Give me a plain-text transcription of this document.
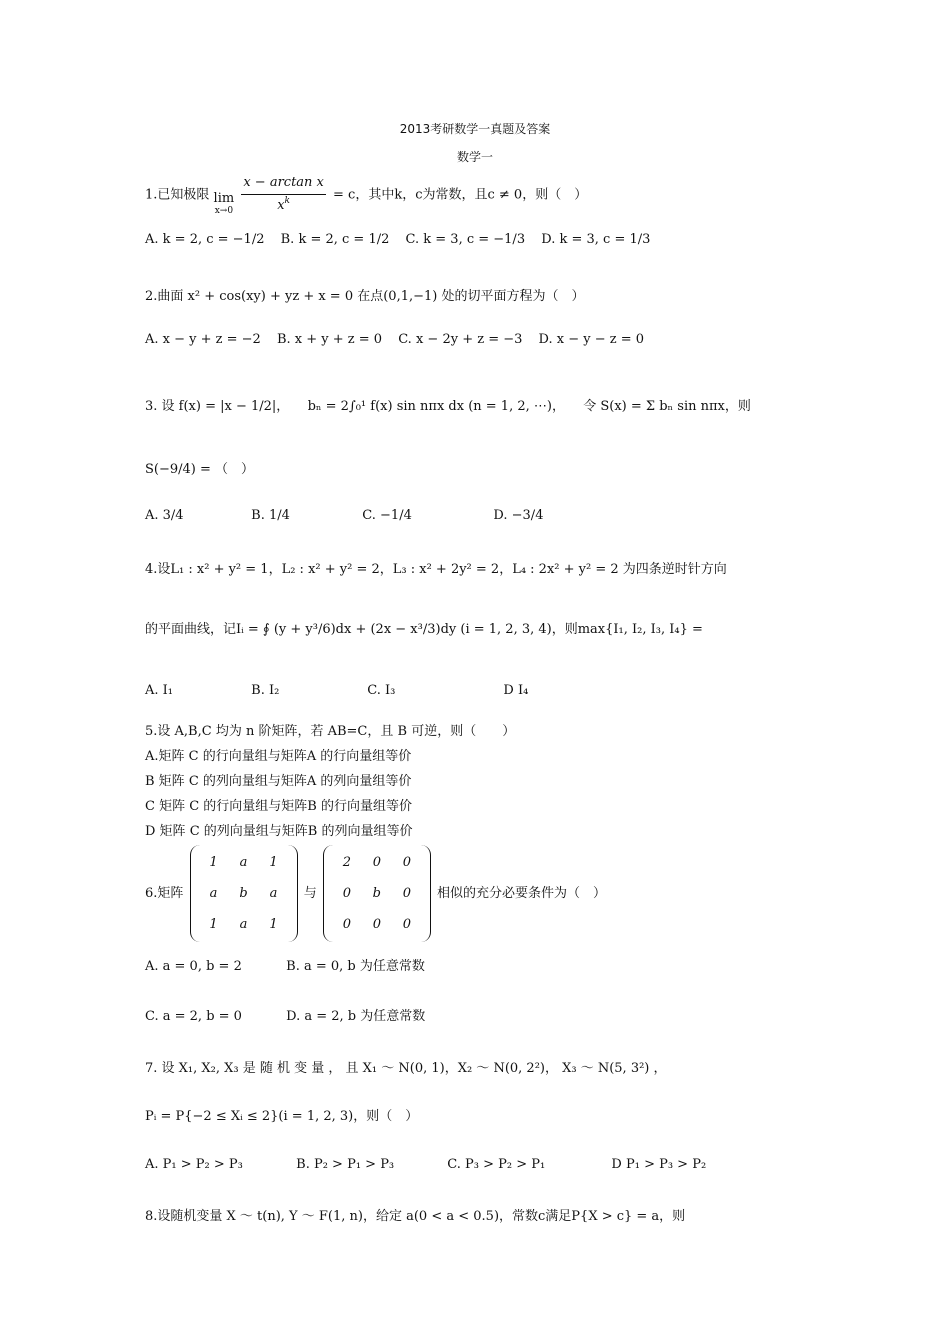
2013考研数学一真题及答案
数学一
1.已知极限 lim
x→0
$\frac{\text{x − arctan x}}{x^k} = c$，其中k，c为常数，且c ≠ 0，则（　）
A. k = 2, c = −1/2 B. k = 2, c = 1/2 C. k = 3, c = −1/3 D. k = 3, c = 1/3
2.曲面 x² + cos(xy) + yz + x = 0 在点(0,1,−1) 处的切平面方程为（　）
A. x − y + z = −2 B. x + y + z = 0 C. x − 2y + z = −3 D. x − y − z = 0
3. 设 f(x) = |x − 1/2|， bₙ = 2∫₀¹ f(x) sin nπx dx (n = 1, 2, ⋯)， 令 S(x) = Σ bₙ sin nπx，则
S(−9/4) = （　）
A. 3/4	B. 1/4	C. −1/4	D. −3/4
4.设L₁ : x² + y² = 1，L₂ : x² + y² = 2，L₃ : x² + 2y² = 2，L₄ : 2x² + y² = 2 为四条逆时针方向
的平面曲线，记Iᵢ = ∮ (y + y³/6)dx + (2x − x³/3)dy (i = 1, 2, 3, 4)，则max{I₁, I₂, I₃, I₄} =
A. I₁	B. I₂	C. I₃	D I₄
5.设 A,B,C 均为 n 阶矩阵，若 AB=C，且 B 可逆，则（　　）
A.矩阵 C 的行向量组与矩阵A 的行向量组等价
B 矩阵 C 的列向量组与矩阵A 的列向量组等价
C 矩阵 C 的行向量组与矩阵B 的行向量组等价
D 矩阵 C 的列向量组与矩阵B 的列向量组等价
6.矩阵
1	a	1
a	b	a
1	a	1
与
2	0	0
0	b	0
0	0	0
相似的充分必要条件为（　）
A. a = 0, b = 2	B. a = 0, b 为任意常数
C. a = 2, b = 0	D. a = 2, b 为任意常数
7. 设 X₁, X₂, X₃ 是 随 机 变 量 ， 且 X₁ ～ N(0, 1)，X₂ ～ N(0, 2²)， X₃ ～ N(5, 3²) ，
Pᵢ = P{−2 ≤ Xᵢ ≤ 2}(i = 1, 2, 3)，则（　）
A. P₁ > P₂ > P₃	B. P₂ > P₁ > P₃	C. P₃ > P₂ > P₁	D P₁ > P₃ > P₂
8.设随机变量 X ～ t(n), Y ～ F(1, n)，给定 a(0 < a < 0.5)，常数c满足P{X > c} = a，则
